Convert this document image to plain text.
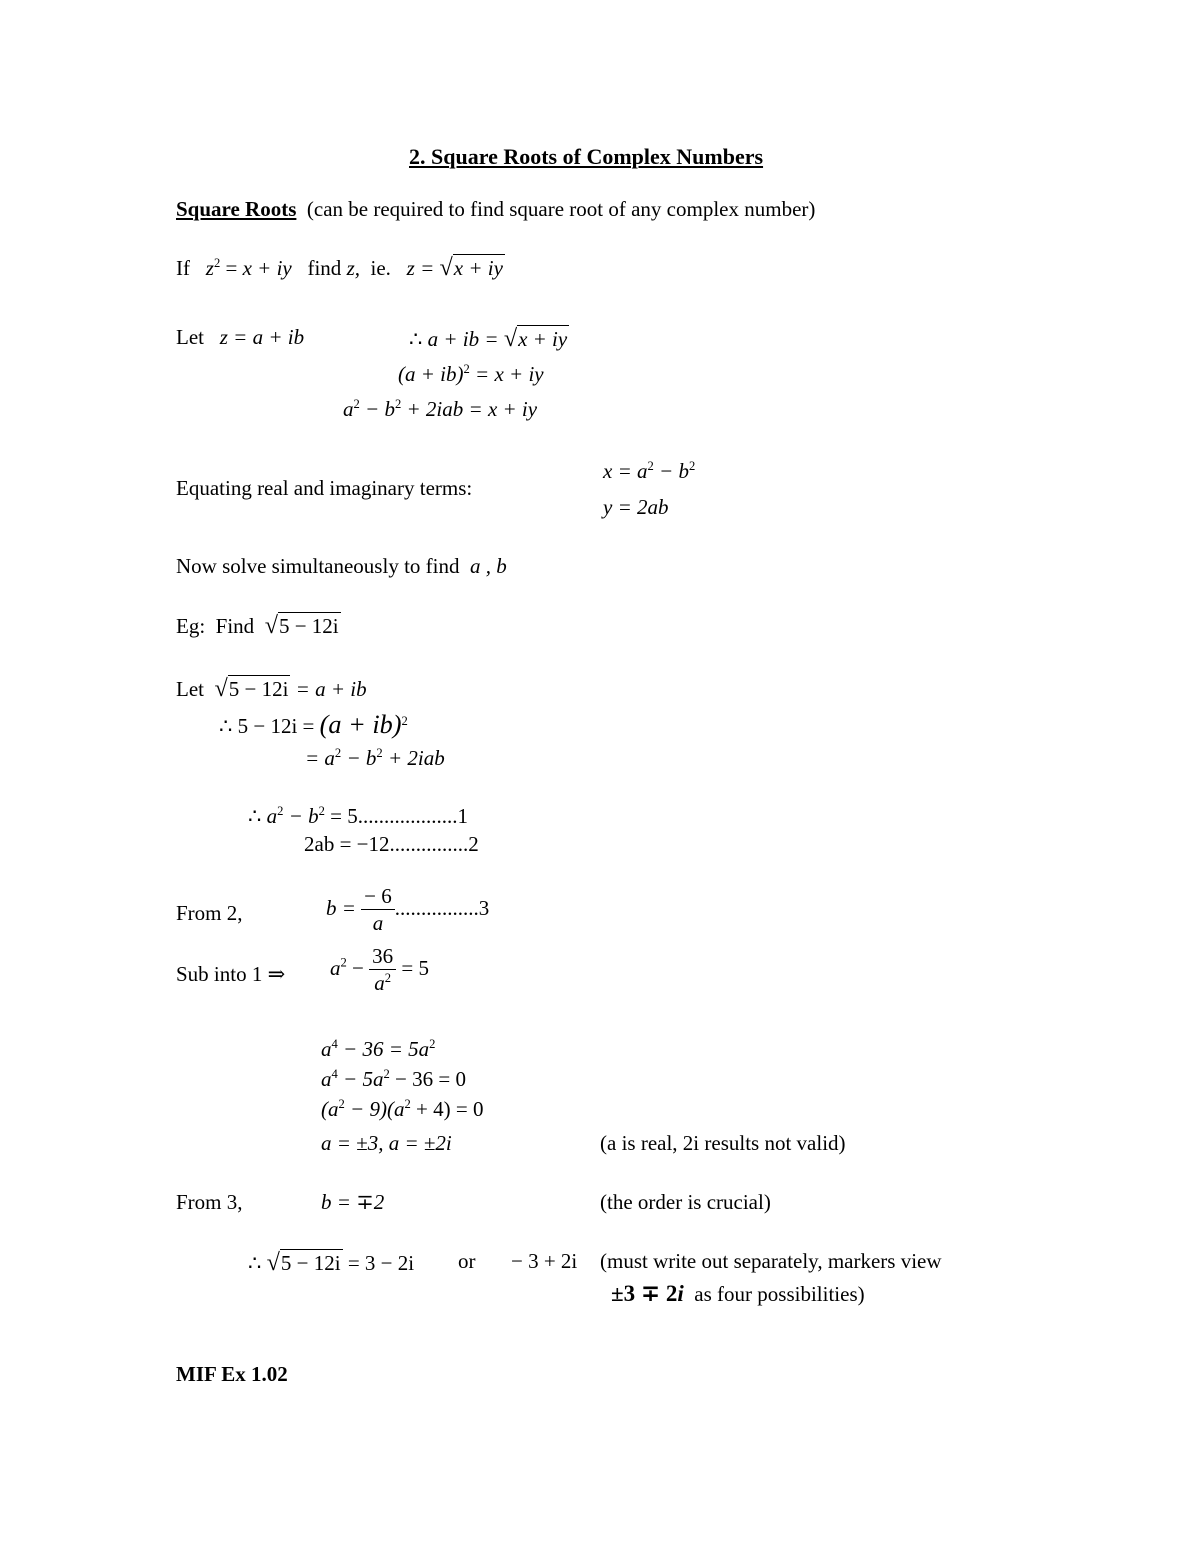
2. Square Roots of Complex Numbers
Square Roots (can be required to find square root of any complex number)
If $z^2 = x$ + iy find z, ie. z = √x + iy
Let z = a + ib	∴ a + ib = √x + iy
(a + ib)$^2$ = x + iy
$a^2 - b^2 + 2iab = x$ + iy
Equating real and imaginary terms:
$x = a^2 - b^2$
y = 2ab
Now solve simultaneously to find a , b
Eg: Find √5 − 12i
Let √5 − 12i = a + ib
∴ 5 − 12i = (a + ib)$^2$
= $a^2 - b^2 + 2iab$
∴ $a^2 - b^2 = 5...................1$
2ab = −12...............2
From 2,	$b = \frac{- 6}{a} ................3$
Sub into 1 ⇒ $a^2 - \frac{36}{a^2} = 5$
$a^4 - 36 = 5a^2$
$a^4 - 5a^2 - 36 = 0$
$(a^2 - 9)(a^2 + 4) = 0$
a = ±3, a = ±2i	(a is real, 2i results not valid)
From 3,	b = ∓2	(the order is crucial)
∴ √5 − 12i = 3 − 2i or − 3 + 2i (must write out separately, markers view
±3 ∓ 2i as four possibilities)
MIF Ex 1.02
